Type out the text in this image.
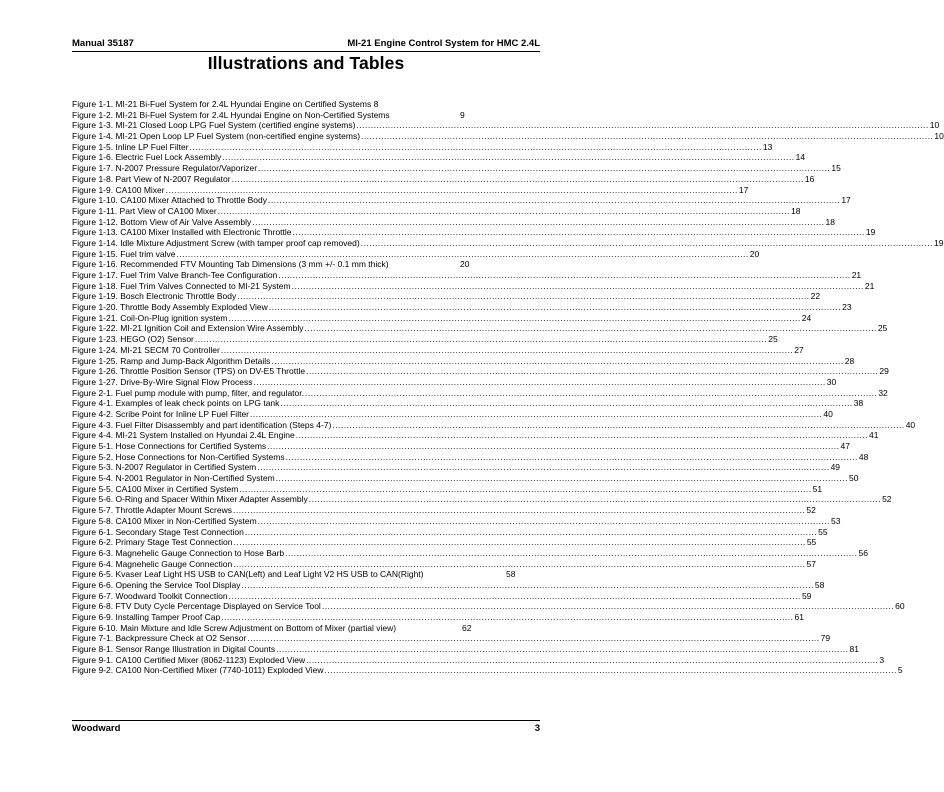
Manual 35187	MI-21 Engine Control System for HMC 2.4L
Illustrations and Tables
Figure 1-1. MI-21 Bi-Fuel System for 2.4L Hyundai Engine on Certified Systems 8
Figure 1-2. MI-21 Bi-Fuel System for 2.4L Hyundai Engine on Non-Certified Systems	9
Figure 1-3. MI-21 Closed Loop LPG Fuel System (certified engine systems) ........................................................................................................................................................................................................ 10
Figure 1-4. MI-21 Open Loop LP Fuel System (non-certified engine systems) ........................................................................................................................................................................................................ 10
Figure 1-5. Inline LP Fuel Filter ........................................................................................................................................................................................................ 13
Figure 1-6. Electric Fuel Lock Assembly ........................................................................................................................................................................................................ 14
Figure 1-7. N-2007 Pressure Regulator/Vaporizer ........................................................................................................................................................................................................ 15
Figure 1-8. Part View of N-2007 Regulator ........................................................................................................................................................................................................ 16
Figure 1-9. CA100 Mixer ........................................................................................................................................................................................................ 17
Figure 1-10. CA100 Mixer Attached to Throttle Body ........................................................................................................................................................................................................ 17
Figure 1-11. Part View of CA100 Mixer ........................................................................................................................................................................................................ 18
Figure 1-12. Bottom View of Air Valve Assembly ........................................................................................................................................................................................................ 18
Figure 1-13. CA100 Mixer Installed with Electronic Throttle ........................................................................................................................................................................................................ 19
Figure 1-14. Idle Mixture Adjustment Screw (with tamper proof cap removed) ........................................................................................................................................................................................................ 19
Figure 1-15. Fuel trim valve ........................................................................................................................................................................................................ 20
Figure 1-16. Recommended FTV Mounting Tab Dimensions (3 mm +/- 0.1 mm thick)	20
Figure 1-17. Fuel Trim Valve Branch-Tee Configuration ........................................................................................................................................................................................................ 21
Figure 1-18. Fuel Trim Valves Connected to MI-21 System ........................................................................................................................................................................................................ 21
Figure 1-19. Bosch Electronic Throttle Body ........................................................................................................................................................................................................ 22
Figure 1-20. Throttle Body Assembly Exploded View ........................................................................................................................................................................................................ 23
Figure 1-21. Coil-On-Plug ignition system ........................................................................................................................................................................................................ 24
Figure 1-22. MI-21 Ignition Coil and Extension Wire Assembly ........................................................................................................................................................................................................ 25
Figure 1-23. HEGO (O2) Sensor ........................................................................................................................................................................................................ 25
Figure 1-24. MI-21 SECM 70 Controller ........................................................................................................................................................................................................ 27
Figure 1-25. Ramp and Jump-Back Algorithm Details ........................................................................................................................................................................................................ 28
Figure 1-26. Throttle Position Sensor (TPS) on DV-E5 Throttle ........................................................................................................................................................................................................ 29
Figure 1-27. Drive-By-Wire Signal Flow Process ........................................................................................................................................................................................................ 30
Figure 2-1. Fuel pump module with pump, filter, and regulator. ........................................................................................................................................................................................................ 32
Figure 4-1. Examples of leak check points on LPG tank ........................................................................................................................................................................................................ 38
Figure 4-2. Scribe Point for Inline LP Fuel Filter ........................................................................................................................................................................................................ 40
Figure 4-3. Fuel Filter Disassembly and part identification (Steps 4-7) ........................................................................................................................................................................................................ 40
Figure 4-4. MI-21 System Installed on Hyundai 2.4L Engine ........................................................................................................................................................................................................ 41
Figure 5-1. Hose Connections for Certified Systems ........................................................................................................................................................................................................ 47
Figure 5-2. Hose Connections for Non-Certified Systems ........................................................................................................................................................................................................ 48
Figure 5-3. N-2007 Regulator in Certified System ........................................................................................................................................................................................................ 49
Figure 5-4. N-2001 Regulator in Non-Certified System ........................................................................................................................................................................................................ 50
Figure 5-5. CA100 Mixer in Certified System ........................................................................................................................................................................................................ 51
Figure 5-6. O-Ring and Spacer Within Mixer Adapter Assembly ........................................................................................................................................................................................................ 52
Figure 5-7. Throttle Adapter Mount Screws ........................................................................................................................................................................................................ 52
Figure 5-8. CA100 Mixer in Non-Certified System ........................................................................................................................................................................................................ 53
Figure 6-1. Secondary Stage Test Connection ........................................................................................................................................................................................................ 55
Figure 6-2. Primary Stage Test Connection ........................................................................................................................................................................................................ 55
Figure 6-3. Magnehelic Gauge Connection to Hose Barb ........................................................................................................................................................................................................ 56
Figure 6-4. Magnehelic Gauge Connection ........................................................................................................................................................................................................ 57
Figure 6-5. Kvaser Leaf Light HS USB to CAN(Left) and Leaf Light V2 HS USB to CAN(Right)	58
Figure 6-6. Opening the Service Tool Display ........................................................................................................................................................................................................ 58
Figure 6-7. Woodward Toolkit Connection ........................................................................................................................................................................................................ 59
Figure 6-8. FTV Duty Cycle Percentage Displayed on Service Tool ........................................................................................................................................................................................................ 60
Figure 6-9. Installing Tamper Proof Cap ........................................................................................................................................................................................................ 61
Figure 6-10. Main Mixture and Idle Screw Adjustment on Bottom of Mixer (partial view)	62
Figure 7-1. Backpressure Check at O2 Sensor ........................................................................................................................................................................................................ 79
Figure 8-1. Sensor Range Illustration in Digital Counts ........................................................................................................................................................................................................ 81
Figure 9-1. CA100 Certified Mixer (8062-1123) Exploded View ........................................................................................................................................................................................................ 3
Figure 9-2. CA100 Non-Certified Mixer (7740-1011) Exploded View ........................................................................................................................................................................................................ 5
Woodward	3
